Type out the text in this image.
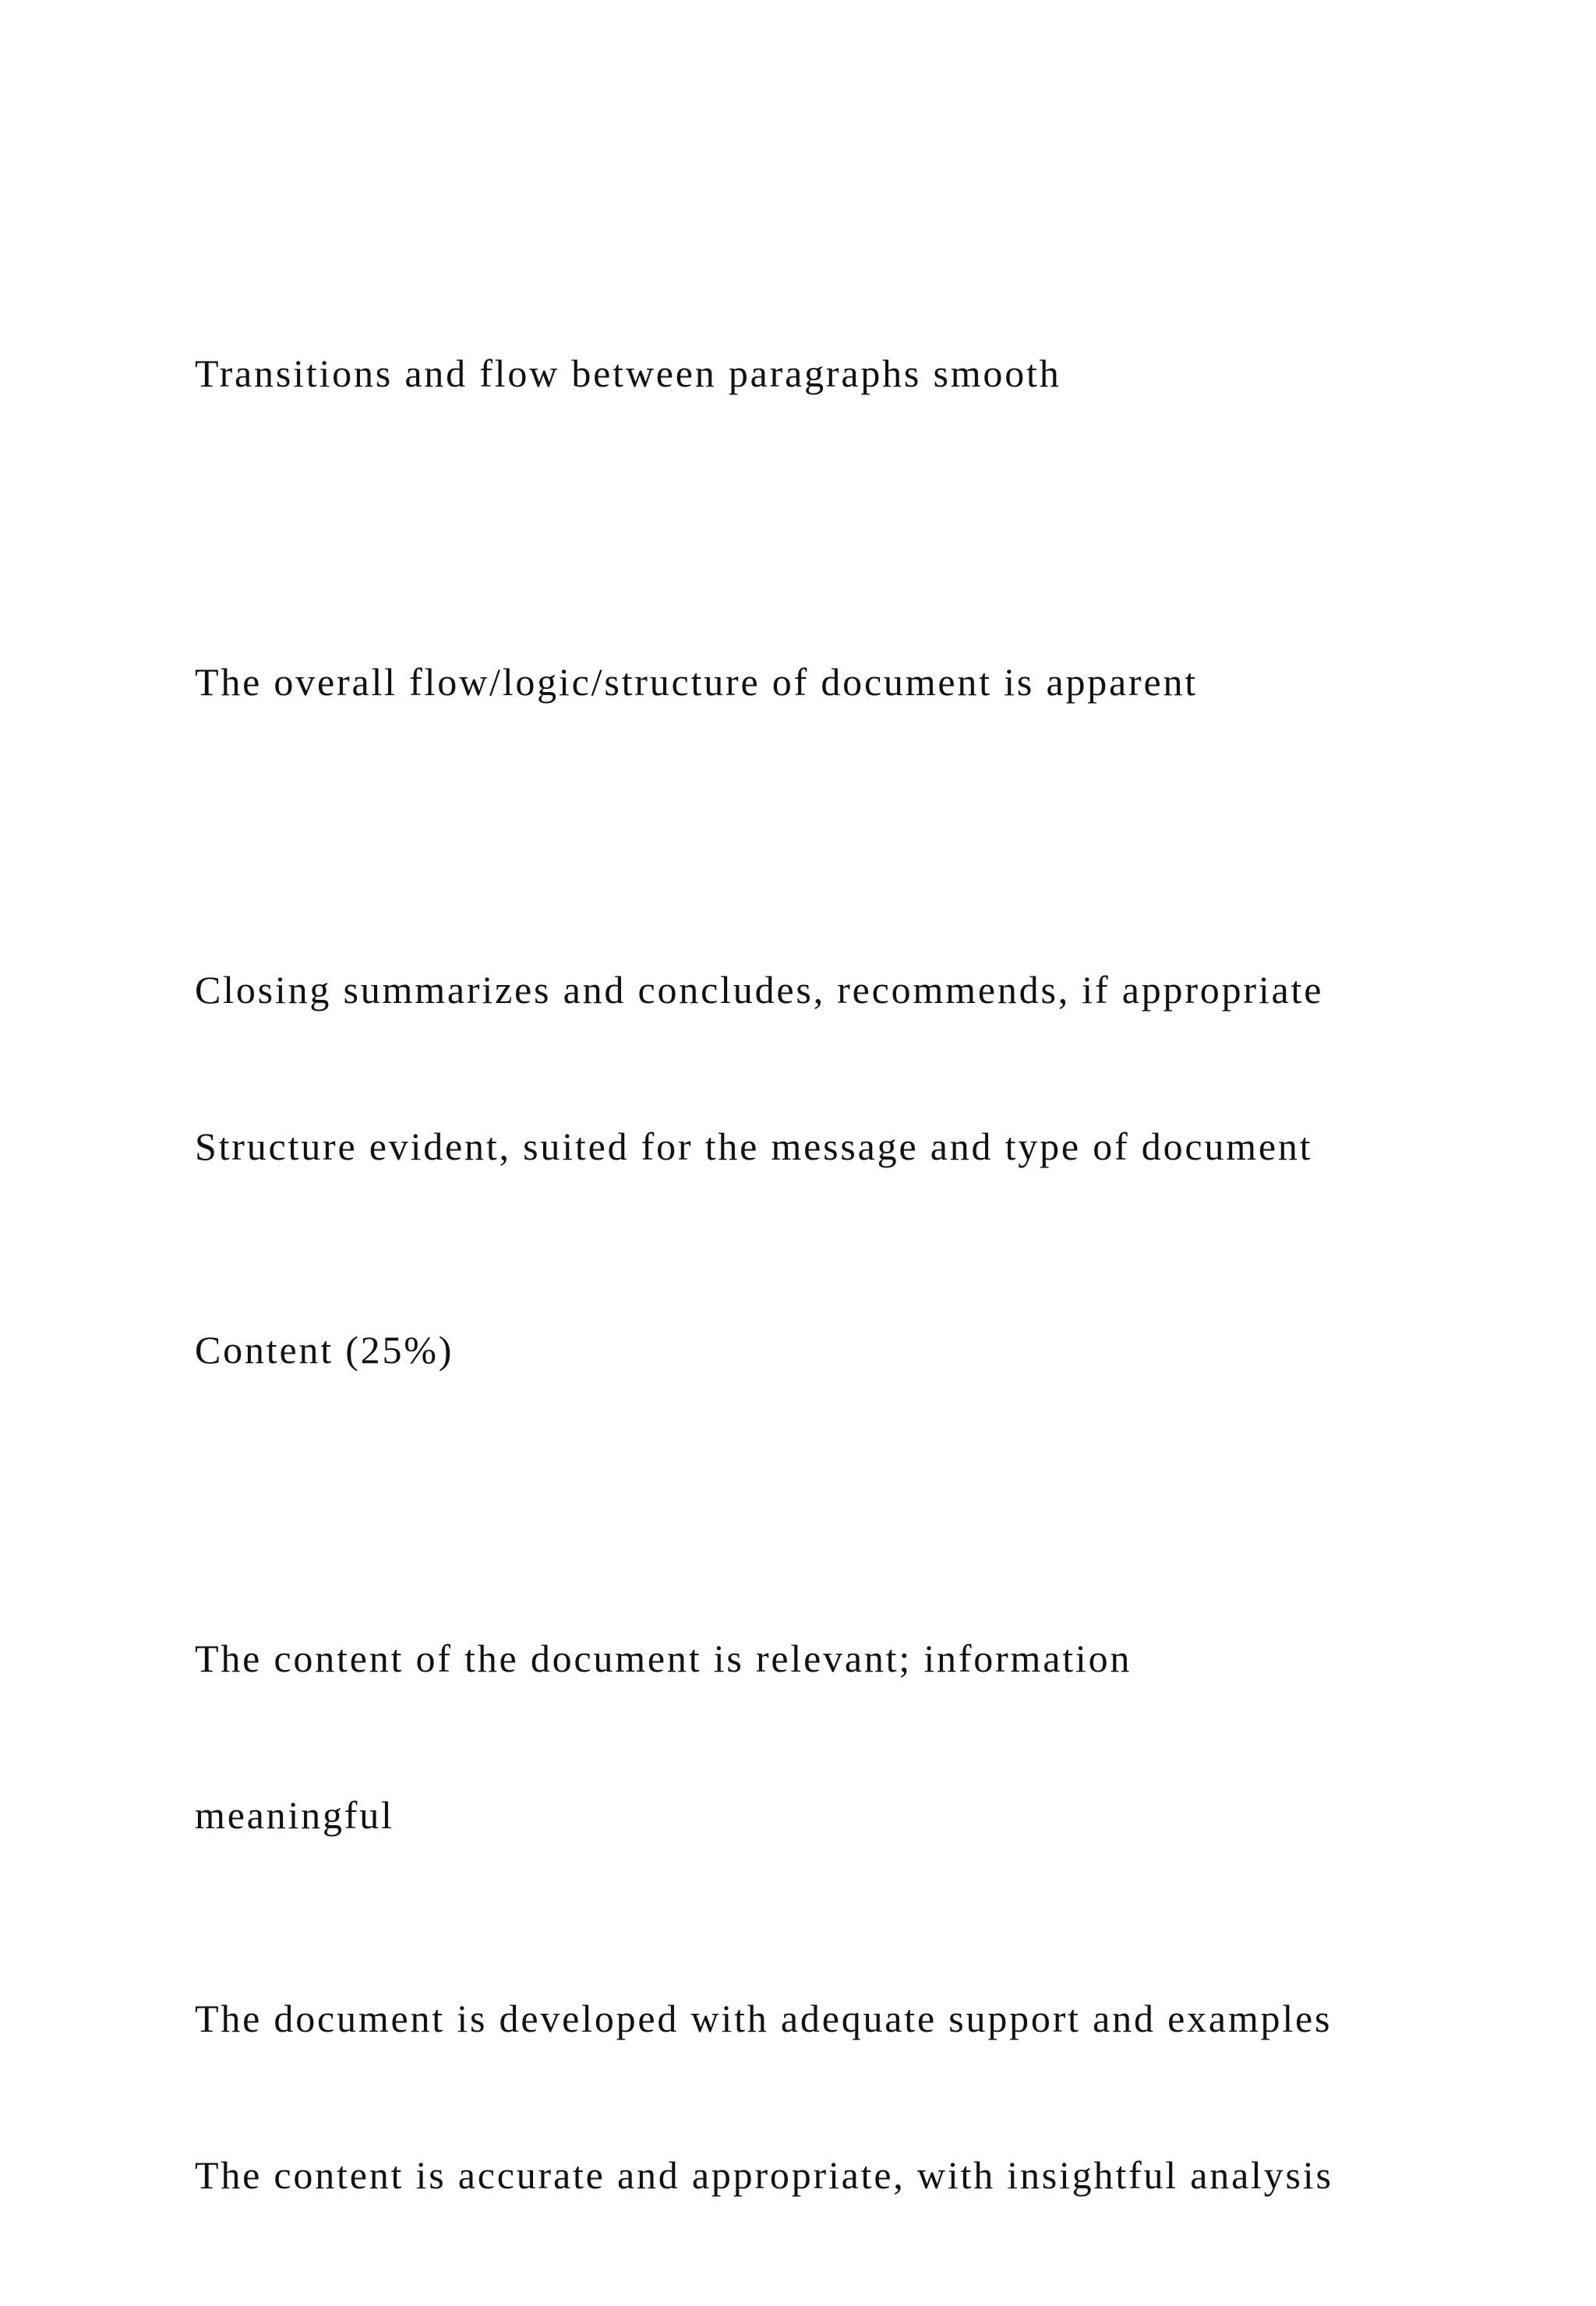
Transitions and flow between paragraphs smooth

The overall flow/logic/structure of document is apparent

Closing summarizes and concludes, recommends, if appropriate

Structure evident, suited for the message and type of document

Content (25%)

The content of the document is relevant; information

meaningful

The document is developed with adequate support and examples

The content is accurate and appropriate, with insightful analysis
